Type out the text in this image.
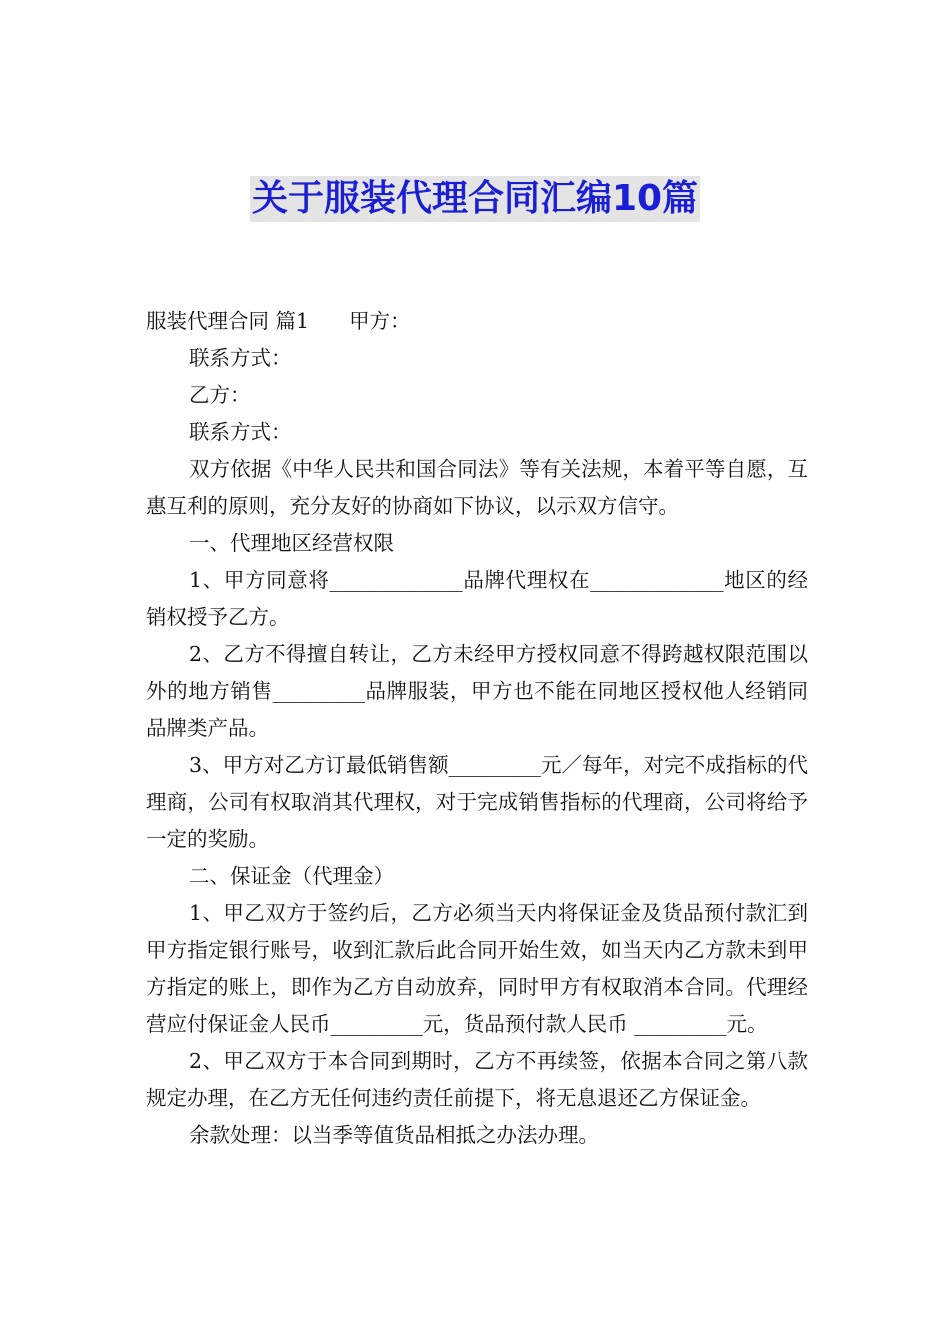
关于服装代理合同汇编10篇

服装代理合同 篇1 甲方：

联系方式：

乙方：

联系方式：

双方依据《中华人民共和国合同法》等有关法规，本着平等自愿，互惠互利的原则，充分友好的协商如下协议，以示双方信守。

一、代理地区经营权限

1、甲方同意将_____________品牌代理权在_____________地区的经销权授予乙方。

2、乙方不得擅自转让，乙方未经甲方授权同意不得跨越权限范围以外的地方销售_________品牌服装，甲方也不能在同地区授权他人经销同品牌类产品。

3、甲方对乙方订最低销售额_________元／每年，对完不成指标的代理商，公司有权取消其代理权，对于完成销售指标的代理商，公司将给予一定的奖励。

二、保证金（代理金）

1、甲乙双方于签约后，乙方必须当天内将保证金及货品预付款汇到甲方指定银行账号，收到汇款后此合同开始生效，如当天内乙方款未到甲方指定的账上，即作为乙方自动放弃，同时甲方有权取消本合同。代理经营应付保证金人民币_________元，货品预付款人民币 _________元。

2、甲乙双方于本合同到期时，乙方不再续签，依据本合同之第八款规定办理，在乙方无任何违约责任前提下，将无息退还乙方保证金。

余款处理：以当季等值货品相抵之办法办理。
